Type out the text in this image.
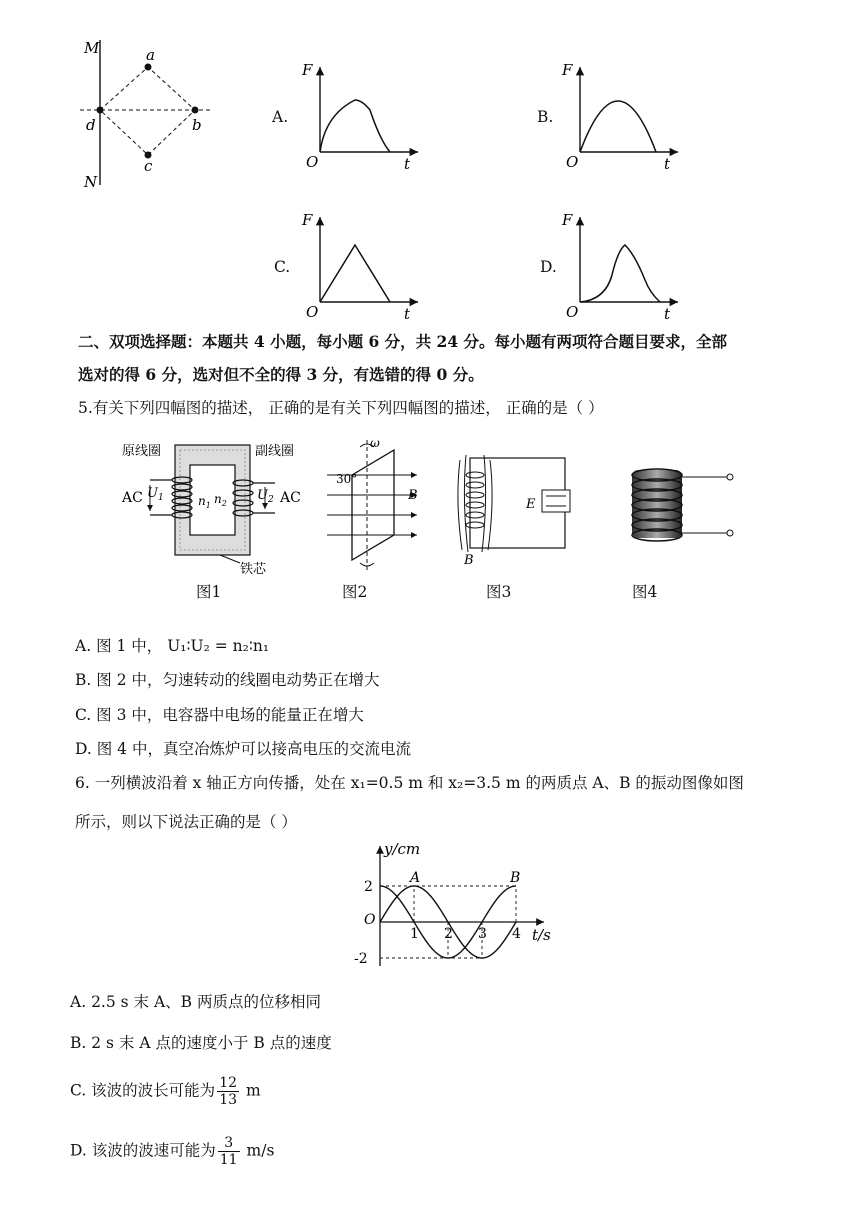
M
N
a
b
c
d	A.
F
t
O
B.
F
t
O
C.
F
t
O
D.
F
t
O
二、双项选择题：本题共 4 小题，每小题 6 分，共 24 分。每小题有两项符合题目要求，全部
选对的得 6 分，选对但不全的得 3 分，有选错的得 0 分。
5.有关下列四幅图的描述， 正确的是有关下列四幅图的描述， 正确的是（ ）
原线圈	副线圈
AC	AC
$U_1$	$U_2$
$n_1$ $n_2$
铁芯
ω
30°
B
E
B
图1	图2	图3	图4
A. 图 1 中， U₁∶U₂ = n₂∶n₁
B. 图 2 中，匀速转动的线圈电动势正在增大
C. 图 3 中，电容器中电场的能量正在增大
D. 图 4 中，真空冶炼炉可以接高电压的交流电流
6. 一列横波沿着 x 轴正方向传播，处在 x₁=0.5 m 和 x₂=3.5 m 的两质点 A、B 的振动图像如图
所示，则以下说法正确的是（ ）
A	B
1 2 3 4
2
-2
O
y/cm
t/s
A. 2.5 s 末 A、B 两质点的位移相同
B. 2 s 末 A 点的速度小于 B 点的速度
C. 该波的波长可能为 $\frac{12}{13}$ m
D. 该波的波速可能为 $\frac{3}{11} m/s$
